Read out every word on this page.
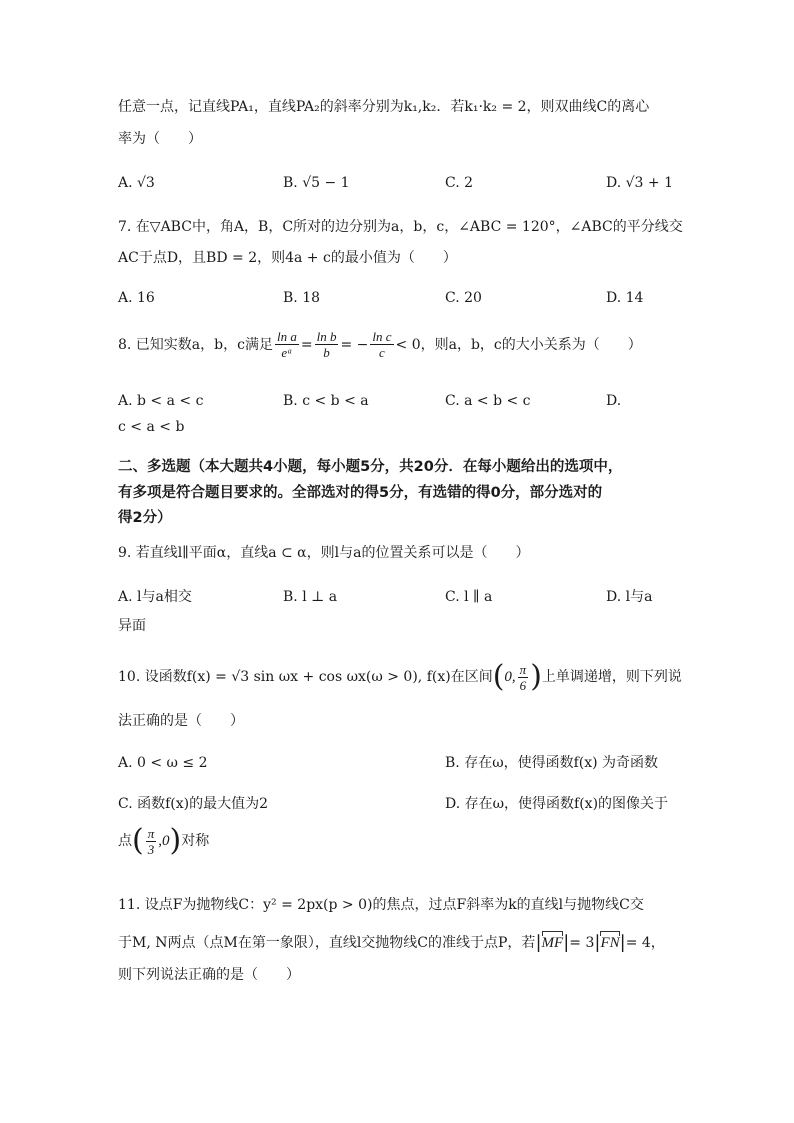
任意一点，记直线PA₁，直线PA₂的斜率分别为k₁,k₂．若k₁·k₂ = 2，则双曲线C的离心
率为（　　）
A. √3	B. √5 − 1	C. 2	D. √3 + 1
7. 在▽ABC中，角A，B，C所对的边分别为a，b，c，∠ABC = 120°，∠ABC的平分线交
AC于点D，且BD = 2，则4a + c的最小值为（　　）
A. 16	B. 18	C. 20	D. 14
8. 已知实数a，b，c满足 $\frac{\text{ln a}}{\text{eᵃ}} = \frac{\text{ln b}}{b}$ = − $\frac{\text{ln c}}{c} < 0$，则a，b，c的大小关系为（　　）
A. b < a < c	B. c < b < a	C. a < b < c	D.
c < a < b
二、多选题（本大题共4小题，每小题5分，共20分．在每小题给出的选项中，
有多项是符合题目要求的。全部选对的得5分，有选错的得0分，部分选对的
得2分）
9. 若直线l∥平面α，直线a ⊂ α，则l与a的位置关系可以是（　　）
A. l与a相交	B. l ⊥ a	C. l ∥ a	D. l与a
异面
10. 设函数f(x) = √3 sin ωx + cos ωx(ω > 0), f(x)在区间 ( 0, $\frac{\pi}{6}$ ) 上单调递增，则下列说
法正确的是（　　）
A. 0 < ω ≤ 2	B. 存在ω，使得函数f(x) 为奇函数
C. 函数f(x)的最大值为2	D. 存在ω，使得函数f(x)的图像关于
点 ( $\frac{\pi}{3} ,0$ ) 对称
11. 设点F为抛物线C：y² = 2px(p > 0)的焦点，过点F斜率为k的直线l与抛物线C交
于M, N两点（点M在第一象限），直线l交抛物线C的准线于点P，若 | MF | = 3 | FN | = 4，
则下列说法正确的是（　　）
